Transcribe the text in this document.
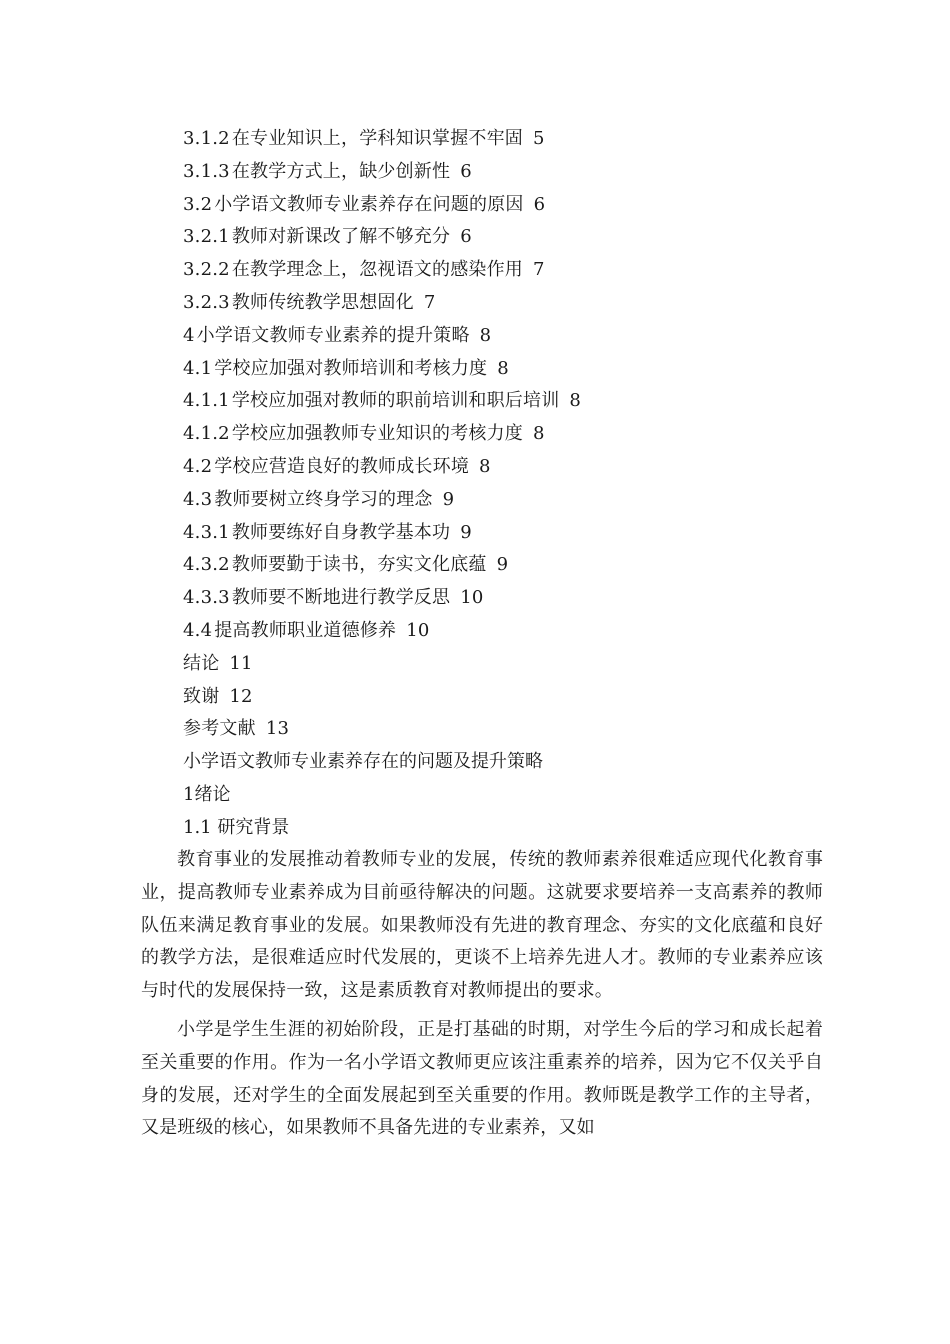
3.1.2 在专业知识上，学科知识掌握不牢固 5
3.1.3 在教学方式上，缺少创新性 6
3.2 小学语文教师专业素养存在问题的原因 6
3.2.1 教师对新课改了解不够充分 6
3.2.2 在教学理念上，忽视语文的感染作用 7
3.2.3 教师传统教学思想固化 7
4 小学语文教师专业素养的提升策略 8
4.1 学校应加强对教师培训和考核力度 8
4.1.1 学校应加强对教师的职前培训和职后培训 8
4.1.2 学校应加强教师专业知识的考核力度 8
4.2 学校应营造良好的教师成长环境 8
4.3 教师要树立终身学习的理念 9
4.3.1 教师要练好自身教学基本功 9
4.3.2 教师要勤于读书，夯实文化底蕴 9
4.3.3 教师要不断地进行教学反思 10
4.4 提高教师职业道德修养 10
结论 11
致谢 12
参考文献 13
小学语文教师专业素养存在的问题及提升策略
1绪论
1.1 研究背景

教育事业的发展推动着教师专业的发展，传统的教师素养很难适应现代化教育事业，提高教师专业素养成为目前亟待解决的问题。这就要求要培养一支高素养的教师队伍来满足教育事业的发展。如果教师没有先进的教育理念、夯实的文化底蕴和良好的教学方法，是很难适应时代发展的，更谈不上培养先进人才。教师的专业素养应该与时代的发展保持一致，这是素质教育对教师提出的要求。

小学是学生生涯的初始阶段，正是打基础的时期，对学生今后的学习和成长起着至关重要的作用。作为一名小学语文教师更应该注重素养的培养，因为它不仅关乎自身的发展，还对学生的全面发展起到至关重要的作用。教师既是教学工作的主导者，又是班级的核心，如果教师不具备先进的专业素养，又如
